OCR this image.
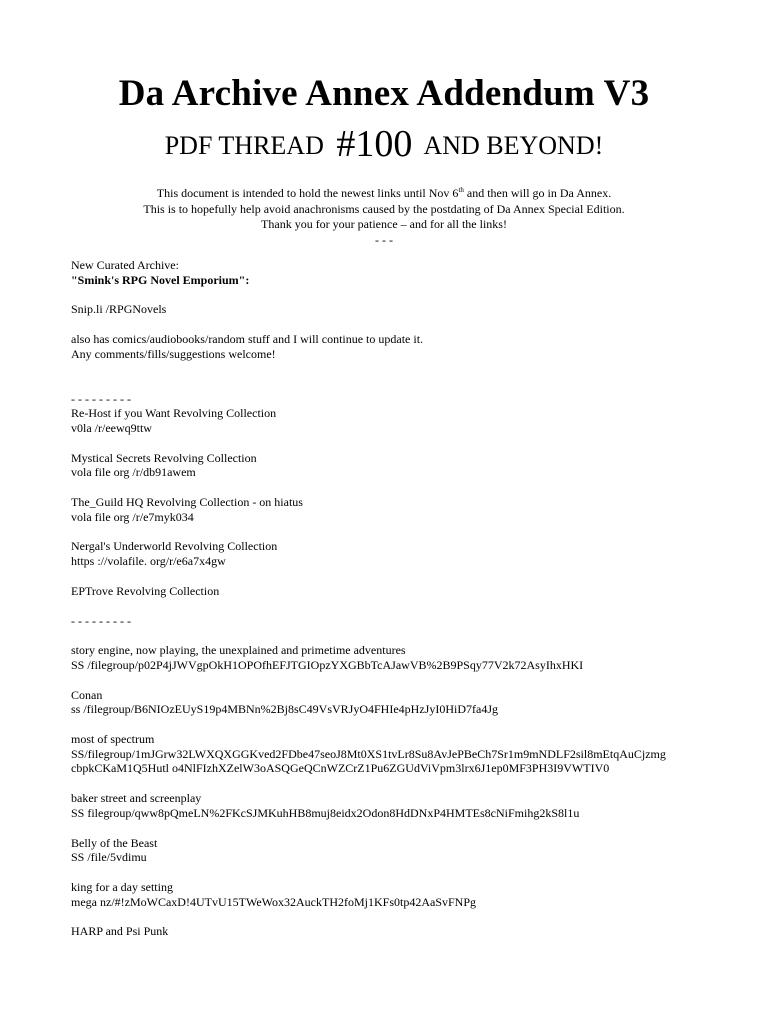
Da Archive Annex Addendum V3
PDF THREAD #100 AND BEYOND!
This document is intended to hold the newest links until Nov 6th and then will go in Da Annex.
This is to hopefully help avoid anachronisms caused by the postdating of Da Annex Special Edition.
Thank you for your patience – and for all the links!
- - -
New Curated Archive:
"Smink's RPG Novel Emporium":
Snip.li /RPGNovels
also has comics/audiobooks/random stuff and I will continue to update it.
Any comments/fills/suggestions welcome!
- - - - - - - - -
Re-Host if you Want Revolving Collection
v0la /r/eewq9ttw
Mystical Secrets Revolving Collection
vola file org /r/db91awem
The_Guild HQ Revolving Collection - on hiatus
vola file org /r/e7myk034
Nergal's Underworld Revolving Collection
https ://volafile. org/r/e6a7x4gw
EPTrove Revolving Collection
- - - - - - - - -
story engine, now playing, the unexplained and primetime adventures
SS /filegroup/p02P4jJWVgpOkH1OPOfhEFJTGIOpzYXGBbTcAJawVB%2B9PSqy77V2k72AsyIhxHKI
Conan
ss /filegroup/B6NIOzEUyS19p4MBNn%2Bj8sC49VsVRJyO4FHIe4pHzJyI0HiD7fa4Jg
most of spectrum
SS/filegroup/1mJGrw32LWXQXGGKved2FDbe47seoJ8Mt0XS1tvLr8Su8AvJePBeCh7Sr1m9mNDLF2sil8mEtqAuCjzmg
cbpkCKaM1Q5Hutl o4NlFIzhXZelW3oASQGeQCnWZCrZ1Pu6ZGUdViVpm3lrx6J1ep0MF3PH3I9VWTIV0
baker street and screenplay
SS filegroup/qww8pQmeLN%2FKcSJMKuhHB8muj8eidx2Odon8HdDNxP4HMTEs8cNiFmihg2kS8l1u
Belly of the Beast
SS /file/5vdimu
king for a day setting
mega nz/#!zMoWCaxD!4UTvU15TWeWox32AuckTH2foMj1KFs0tp42AaSvFNPg
HARP and Psi Punk
